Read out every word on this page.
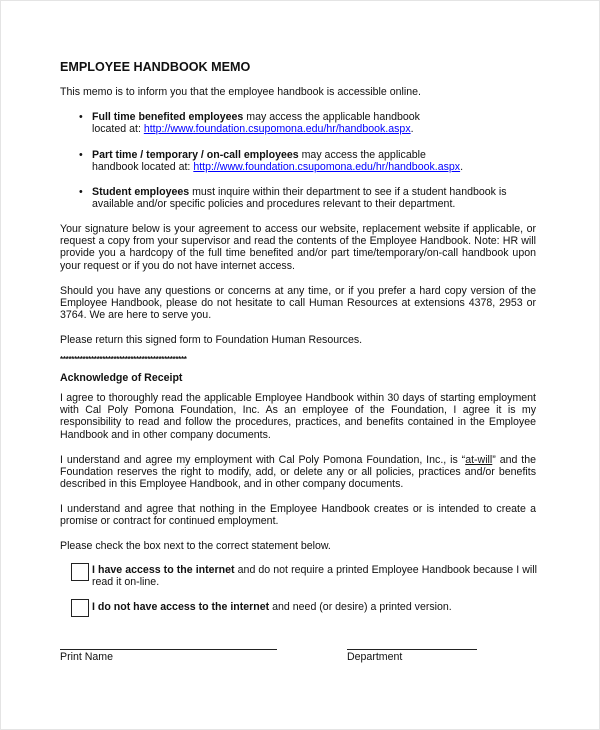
EMPLOYEE HANDBOOK MEMO
This memo is to inform you that the employee handbook is accessible online.
• Full time benefited employees may access the applicable handbook
located at: http://www.foundation.csupomona.edu/hr/handbook.aspx.
• Part time / temporary / on-call employees may access the applicable
handbook located at: http://www.foundation.csupomona.edu/hr/handbook.aspx.
• Student employees must inquire within their department to see if a student handbook is available and/or specific policies and procedures relevant to their department.
Your signature below is your agreement to access our website, replacement website if applicable, or request a copy from your supervisor and read the contents of the Employee Handbook. Note: HR will provide you a hardcopy of the full time benefited and/or part time/temporary/on-call handbook upon your request or if you do not have internet access.
Should you have any questions or concerns at any time, or if you prefer a hard copy version of the Employee Handbook, please do not hesitate to call Human Resources at extensions 4378, 2953 or 3764. We are here to serve you.
Please return this signed form to Foundation Human Resources.
*********************************************
Acknowledge of Receipt
I agree to thoroughly read the applicable Employee Handbook within 30 days of starting employment with Cal Poly Pomona Foundation, Inc. As an employee of the Foundation, I agree it is my responsibility to read and follow the procedures, practices, and benefits contained in the Employee Handbook and in other company documents.
I understand and agree my employment with Cal Poly Pomona Foundation, Inc., is “at-will” and the Foundation reserves the right to modify, add, or delete any or all policies, practices and/or benefits described in this Employee Handbook, and in other company documents.
I understand and agree that nothing in the Employee Handbook creates or is intended to create a promise or contract for continued employment.
Please check the box next to the correct statement below.
I have access to the internet and do not require a printed Employee Handbook because I will read it on-line.
I do not have access to the internet and need (or desire) a printed version.
Print Name	Department
